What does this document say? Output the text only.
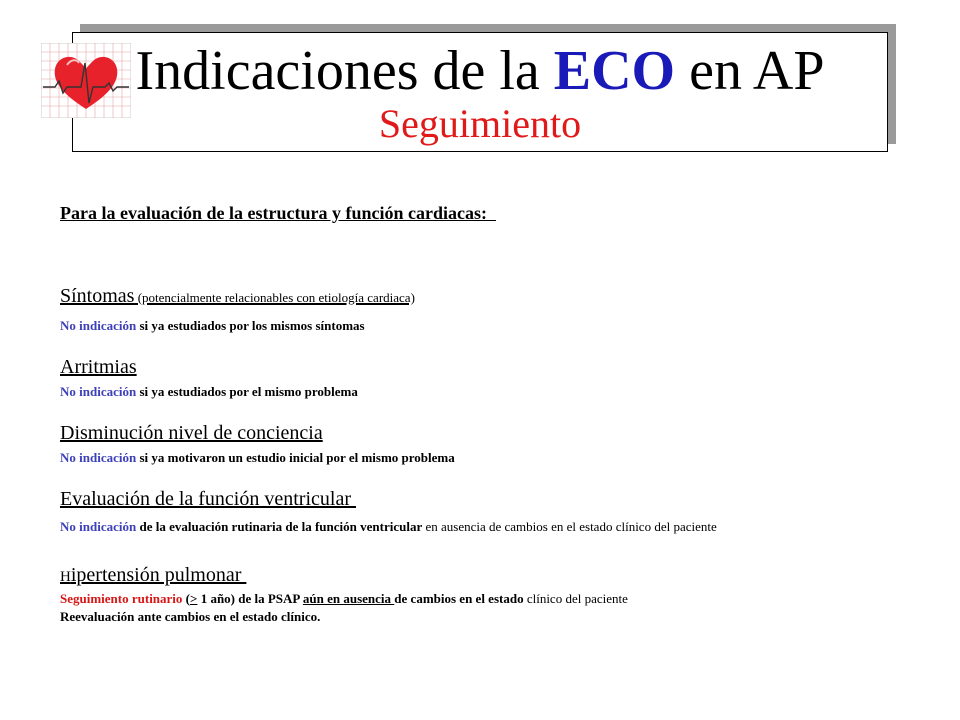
Indicaciones de la ECO en AP
Seguimiento
Para la evaluación de la estructura y función cardiacas:
Síntomas (potencialmente relacionables con etiología cardiaca)
No indicación si ya estudiados por los mismos síntomas
Arritmias
No indicación si ya estudiados por el mismo problema
Disminución nivel de conciencia
No indicación si ya motivaron un estudio inicial por el mismo problema
Evaluación de la función ventricular
No indicación de la evaluación rutinaria de la función ventricular en ausencia de cambios en el estado clínico del paciente
Hipertensión pulmonar
Seguimiento rutinario (> 1 año) de la PSAP aún en ausencia de cambios en el estado clínico del paciente
Reevaluación ante cambios en el estado clínico.
